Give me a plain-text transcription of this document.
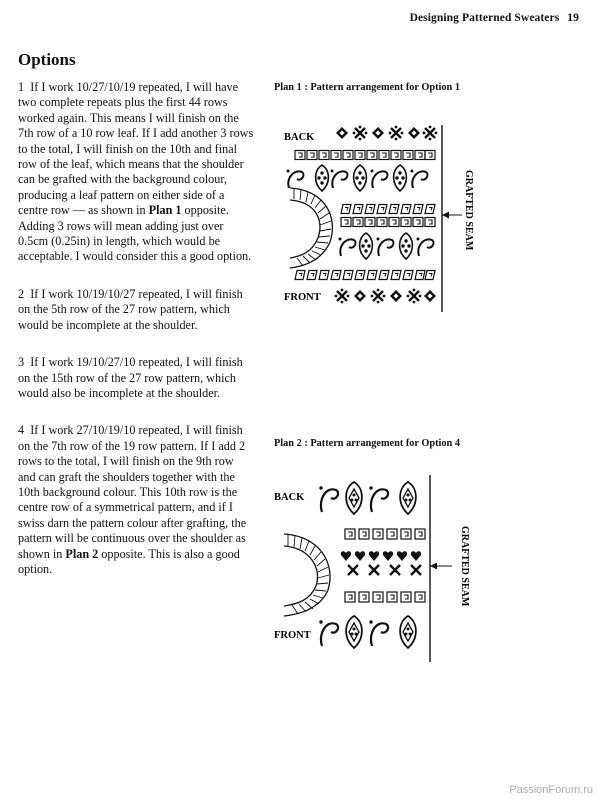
Designing Patterned Sweaters 19
Options

1 If I work 10/27/10/19 repeated, I will have two complete repeats plus the first 44 rows worked again. This means I will finish on the 7th row of a 10 row leaf. If I add another 3 rows to the total, I will finish on the 10th and final row of the leaf, which means that the shoulder can be grafted with the background colour, producing a leaf pattern on either side of a centre row — as shown in Plan 1 opposite. Adding 3 rows will mean adding just over 0.5cm (0.25in) in length, which would be acceptable. I would consider this a good option.

2 If I work 10/19/10/27 repeated, I will finish on the 5th row of the 27 row pattern, which would be incomplete at the shoulder.

3 If I work 19/10/27/10 repeated, I will finish on the 15th row of the 27 row pattern, which would also be incomplete at the shoulder.

4 If I work 27/10/19/10 repeated, I will finish on the 7th row of the 19 row pattern. If I add 2 rows to the total, I will finish on the 9th row and can graft the shoulders together with the 10th background colour. This 10th row is the centre row of a symmetrical pattern, and if I swiss darn the pattern colour after grafting, the pattern will be continuous over the shoulder as shown in Plan 2 opposite. This is also a good option.

Plan 1 : Pattern arrangement for Option 1
BACK
FRONT
GRAFTED SEAM
Plan 2 : Pattern arrangement for Option 4
BACK
FRONT
GRAFTED SEAM
PassionForum.ru
